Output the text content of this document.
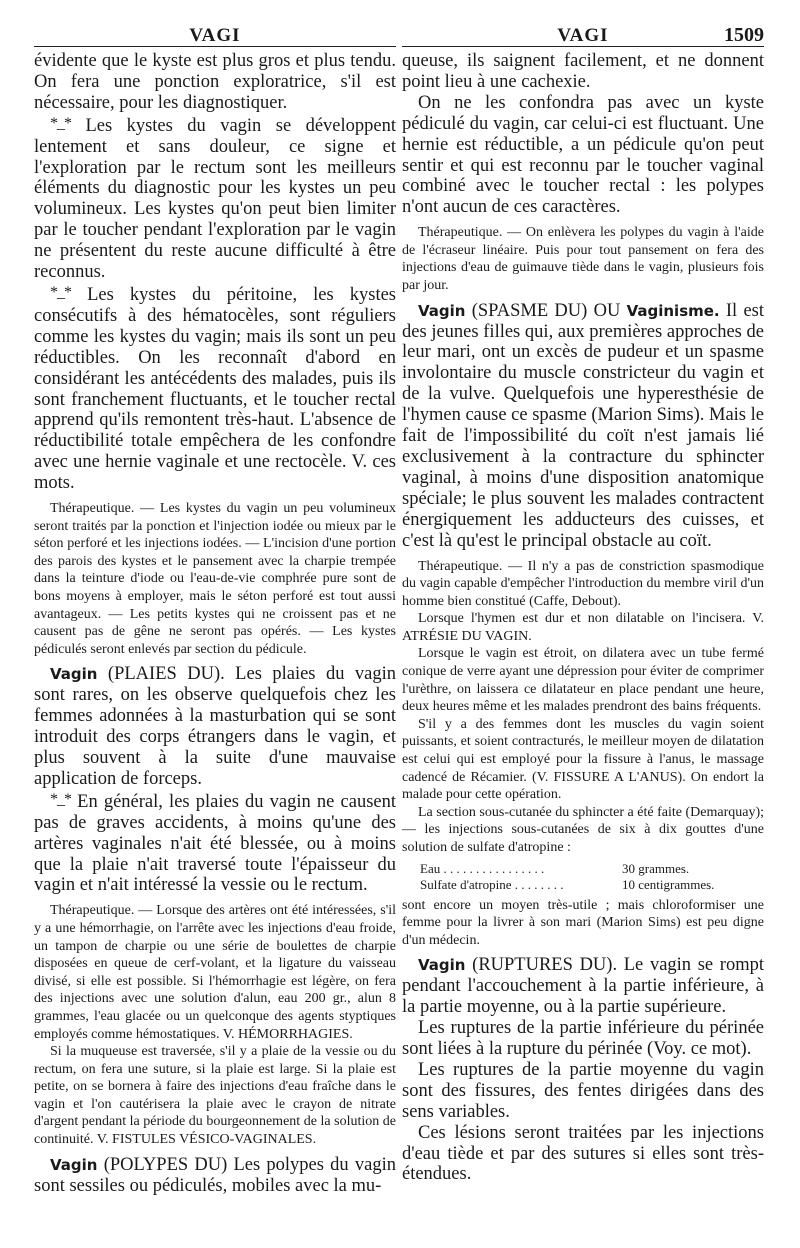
VAGI

évidente que le kyste est plus gros et plus tendu. On fera une ponction exploratrice, s'il est nécessaire, pour les diagnostiquer.

*_* Les kystes du vagin se développent lentement et sans douleur, ce signe et l'exploration par le rectum sont les meilleurs éléments du diagnostic pour les kystes un peu volumineux. Les kystes qu'on peut bien limiter par le toucher pendant l'exploration par le vagin ne présentent du reste aucune difficulté à être reconnus.

*_* Les kystes du péritoine, les kystes consécutifs à des hématocèles, sont réguliers comme les kystes du vagin; mais ils sont un peu réductibles. On les reconnaît d'abord en considérant les antécédents des malades, puis ils sont franchement fluctuants, et le toucher rectal apprend qu'ils remontent très-haut. L'absence de réductibilité totale empêchera de les confondre avec une hernie vaginale et une rectocèle. V. ces mots.

Thérapeutique. — Les kystes du vagin un peu volumineux seront traités par la ponction et l'injection iodée ou mieux par le séton perforé et les injections iodées. — L'incision d'une portion des parois des kystes et le pansement avec la charpie trempée dans la teinture d'iode ou l'eau-de-vie comphrée pure sont de bons moyens à employer, mais le séton perforé est tout aussi avantageux. — Les petits kystes qui ne croissent pas et ne causent pas de gêne ne seront pas opérés. — Les kystes pédiculés seront enlevés par section du pédicule.

Vagin (PLAIES DU). Les plaies du vagin sont rares, on les observe quelquefois chez les femmes adonnées à la masturbation qui se sont introduit des corps étrangers dans le vagin, et plus souvent à la suite d'une mauvaise application de forceps.

*_* En général, les plaies du vagin ne causent pas de graves accidents, à moins qu'une des artères vaginales n'ait été blessée, ou à moins que la plaie n'ait traversé toute l'épaisseur du vagin et n'ait intéressé la vessie ou le rectum.

Thérapeutique. — Lorsque des artères ont été intéressées, s'il y a une hémorrhagie, on l'arrête avec les injections d'eau froide, un tampon de charpie ou une série de boulettes de charpie disposées en queue de cerf-volant, et la ligature du vaisseau divisé, si elle est possible. Si l'hémorrhagie est légère, on fera des injections avec une solution d'alun, eau 200 gr., alun 8 grammes, l'eau glacée ou un quelconque des agents styptiques employés comme hémostatiques. V. HÉMORRHAGIES.

Si la muqueuse est traversée, s'il y a plaie de la vessie ou du rectum, on fera une suture, si la plaie est large. Si la plaie est petite, on se bornera à faire des injections d'eau fraîche dans le vagin et l'on cautérisera la plaie avec le crayon de nitrate d'argent pendant la période du bourgeonnement de la solution de continuité. V. FISTULES VÉSICO-VAGINALES.

Vagin (POLYPES DU) Les polypes du vagin sont sessiles ou pédiculés, mobiles avec la mu-

VAGI	1509

queuse, ils saignent facilement, et ne donnent point lieu à une cachexie.

On ne les confondra pas avec un kyste pédiculé du vagin, car celui-ci est fluctuant. Une hernie est réductible, a un pédicule qu'on peut sentir et qui est reconnu par le toucher vaginal combiné avec le toucher rectal : les polypes n'ont aucun de ces caractères.

Thérapeutique. — On enlèvera les polypes du vagin à l'aide de l'écraseur linéaire. Puis pour tout pansement on fera des injections d'eau de guimauve tiède dans le vagin, plusieurs fois par jour.

Vagin (SPASME DU) OU Vaginisme. Il est des jeunes filles qui, aux premières approches de leur mari, ont un excès de pudeur et un spasme involontaire du muscle constricteur du vagin et de la vulve. Quelquefois une hyperesthésie de l'hymen cause ce spasme (Marion Sims). Mais le fait de l'impossibilité du coït n'est jamais lié exclusivement à la contracture du sphincter vaginal, à moins d'une disposition anatomique spéciale; le plus souvent les malades contractent énergiquement les adducteurs des cuisses, et c'est là qu'est le principal obstacle au coït.

Thérapeutique. — Il n'y a pas de constriction spasmodique du vagin capable d'empêcher l'introduction du membre viril d'un homme bien constitué (Caffe, Debout).

Lorsque l'hymen est dur et non dilatable on l'incisera. V. ATRÉSIE DU VAGIN.

Lorsque le vagin est étroit, on dilatera avec un tube fermé conique de verre ayant une dépression pour éviter de comprimer l'urèthre, on laissera ce dilatateur en place pendant une heure, deux heures même et les malades prendront des bains fréquents.

S'il y a des femmes dont les muscles du vagin soient puissants, et soient contracturés, le meilleur moyen de dilatation est celui qui est employé pour la fissure à l'anus, le massage cadencé de Récamier. (V. FISSURE A L'ANUS). On endort la malade pour cette opération.

La section sous-cutanée du sphincter a été faite (Demarquay); — les injections sous-cutanées de six à dix gouttes d'une solution de sulfate d'atropine :

Eau . . . . . . . . . . . . . . . .	30 grammes.
Sulfate d'atropine . . . . . . . .	10 centigrammes.

sont encore un moyen très-utile ; mais chloroformiser une femme pour la livrer à son mari (Marion Sims) est peu digne d'un médecin.

Vagin (RUPTURES DU). Le vagin se rompt pendant l'accouchement à la partie inférieure, à la partie moyenne, ou à la partie supérieure.

Les ruptures de la partie inférieure du périnée sont liées à la rupture du périnée (Voy. ce mot).

Les ruptures de la partie moyenne du vagin sont des fissures, des fentes dirigées dans des sens variables.

Ces lésions seront traitées par les injections d'eau tiède et par des sutures si elles sont très-étendues.
